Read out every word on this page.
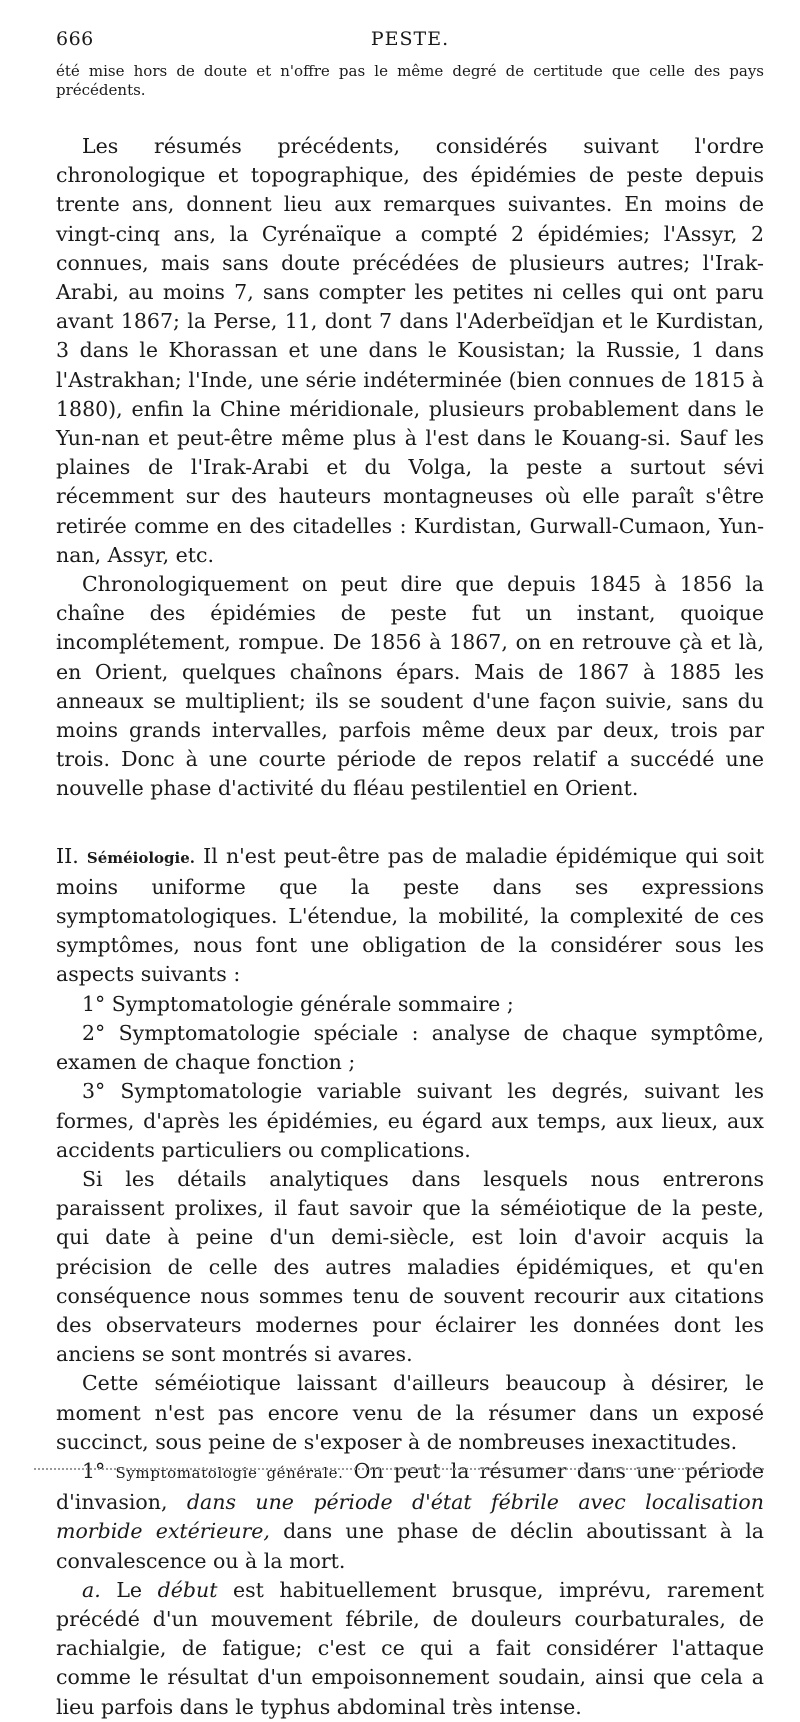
666	PESTE.

été mise hors de doute et n'offre pas le même degré de certitude que celle des pays précédents.

Les résumés précédents, considérés suivant l'ordre chronologique et topographique, des épidémies de peste depuis trente ans, donnent lieu aux remarques suivantes. En moins de vingt-cinq ans, la Cyrénaïque a compté 2 épidémies; l'Assyr, 2 connues, mais sans doute précédées de plusieurs autres; l'Irak-Arabi, au moins 7, sans compter les petites ni celles qui ont paru avant 1867; la Perse, 11, dont 7 dans l'Aderbeïdjan et le Kurdistan, 3 dans le Khorassan et une dans le Kousistan; la Russie, 1 dans l'Astrakhan; l'Inde, une série indéterminée (bien connues de 1815 à 1880), enfin la Chine méridionale, plusieurs probablement dans le Yun-nan et peut-être même plus à l'est dans le Kouang-si. Sauf les plaines de l'Irak-Arabi et du Volga, la peste a surtout sévi récemment sur des hauteurs montagneuses où elle paraît s'être retirée comme en des citadelles : Kurdistan, Gurwall-Cumaon, Yun-nan, Assyr, etc.

Chronologiquement on peut dire que depuis 1845 à 1856 la chaîne des épidémies de peste fut un instant, quoique incomplétement, rompue. De 1856 à 1867, on en retrouve çà et là, en Orient, quelques chaînons épars. Mais de 1867 à 1885 les anneaux se multiplient; ils se soudent d'une façon suivie, sans du moins grands intervalles, parfois même deux par deux, trois par trois. Donc à une courte période de repos relatif a succédé une nouvelle phase d'activité du fléau pestilentiel en Orient.

II. Séméiologie. Il n'est peut-être pas de maladie épidémique qui soit moins uniforme que la peste dans ses expressions symptomatologiques. L'étendue, la mobilité, la complexité de ces symptômes, nous font une obligation de la considérer sous les aspects suivants :

1° Symptomatologie générale sommaire ;

2° Symptomatologie spéciale : analyse de chaque symptôme, examen de chaque fonction ;

3° Symptomatologie variable suivant les degrés, suivant les formes, d'après les épidémies, eu égard aux temps, aux lieux, aux accidents particuliers ou complications.

Si les détails analytiques dans lesquels nous entrerons paraissent prolixes, il faut savoir que la séméiotique de la peste, qui date à peine d'un demi-siècle, est loin d'avoir acquis la précision de celle des autres maladies épidémiques, et qu'en conséquence nous sommes tenu de souvent recourir aux citations des observateurs modernes pour éclairer les données dont les anciens se sont montrés si avares.

Cette séméiotique laissant d'ailleurs beaucoup à désirer, le moment n'est pas encore venu de la résumer dans un exposé succinct, sous peine de s'exposer à de nombreuses inexactitudes.

1° Symptomatologie générale. On peut la résumer dans une période d'invasion, dans une période d'état fébrile avec localisation morbide extérieure, dans une phase de déclin aboutissant à la convalescence ou à la mort.

a. Le début est habituellement brusque, imprévu, rarement précédé d'un mouvement fébrile, de douleurs courbaturales, de rachialgie, de fatigue; c'est ce qui a fait considérer l'attaque comme le résultat d'un empoisonnement soudain, ainsi que cela a lieu parfois dans le typhus abdominal très intense.
